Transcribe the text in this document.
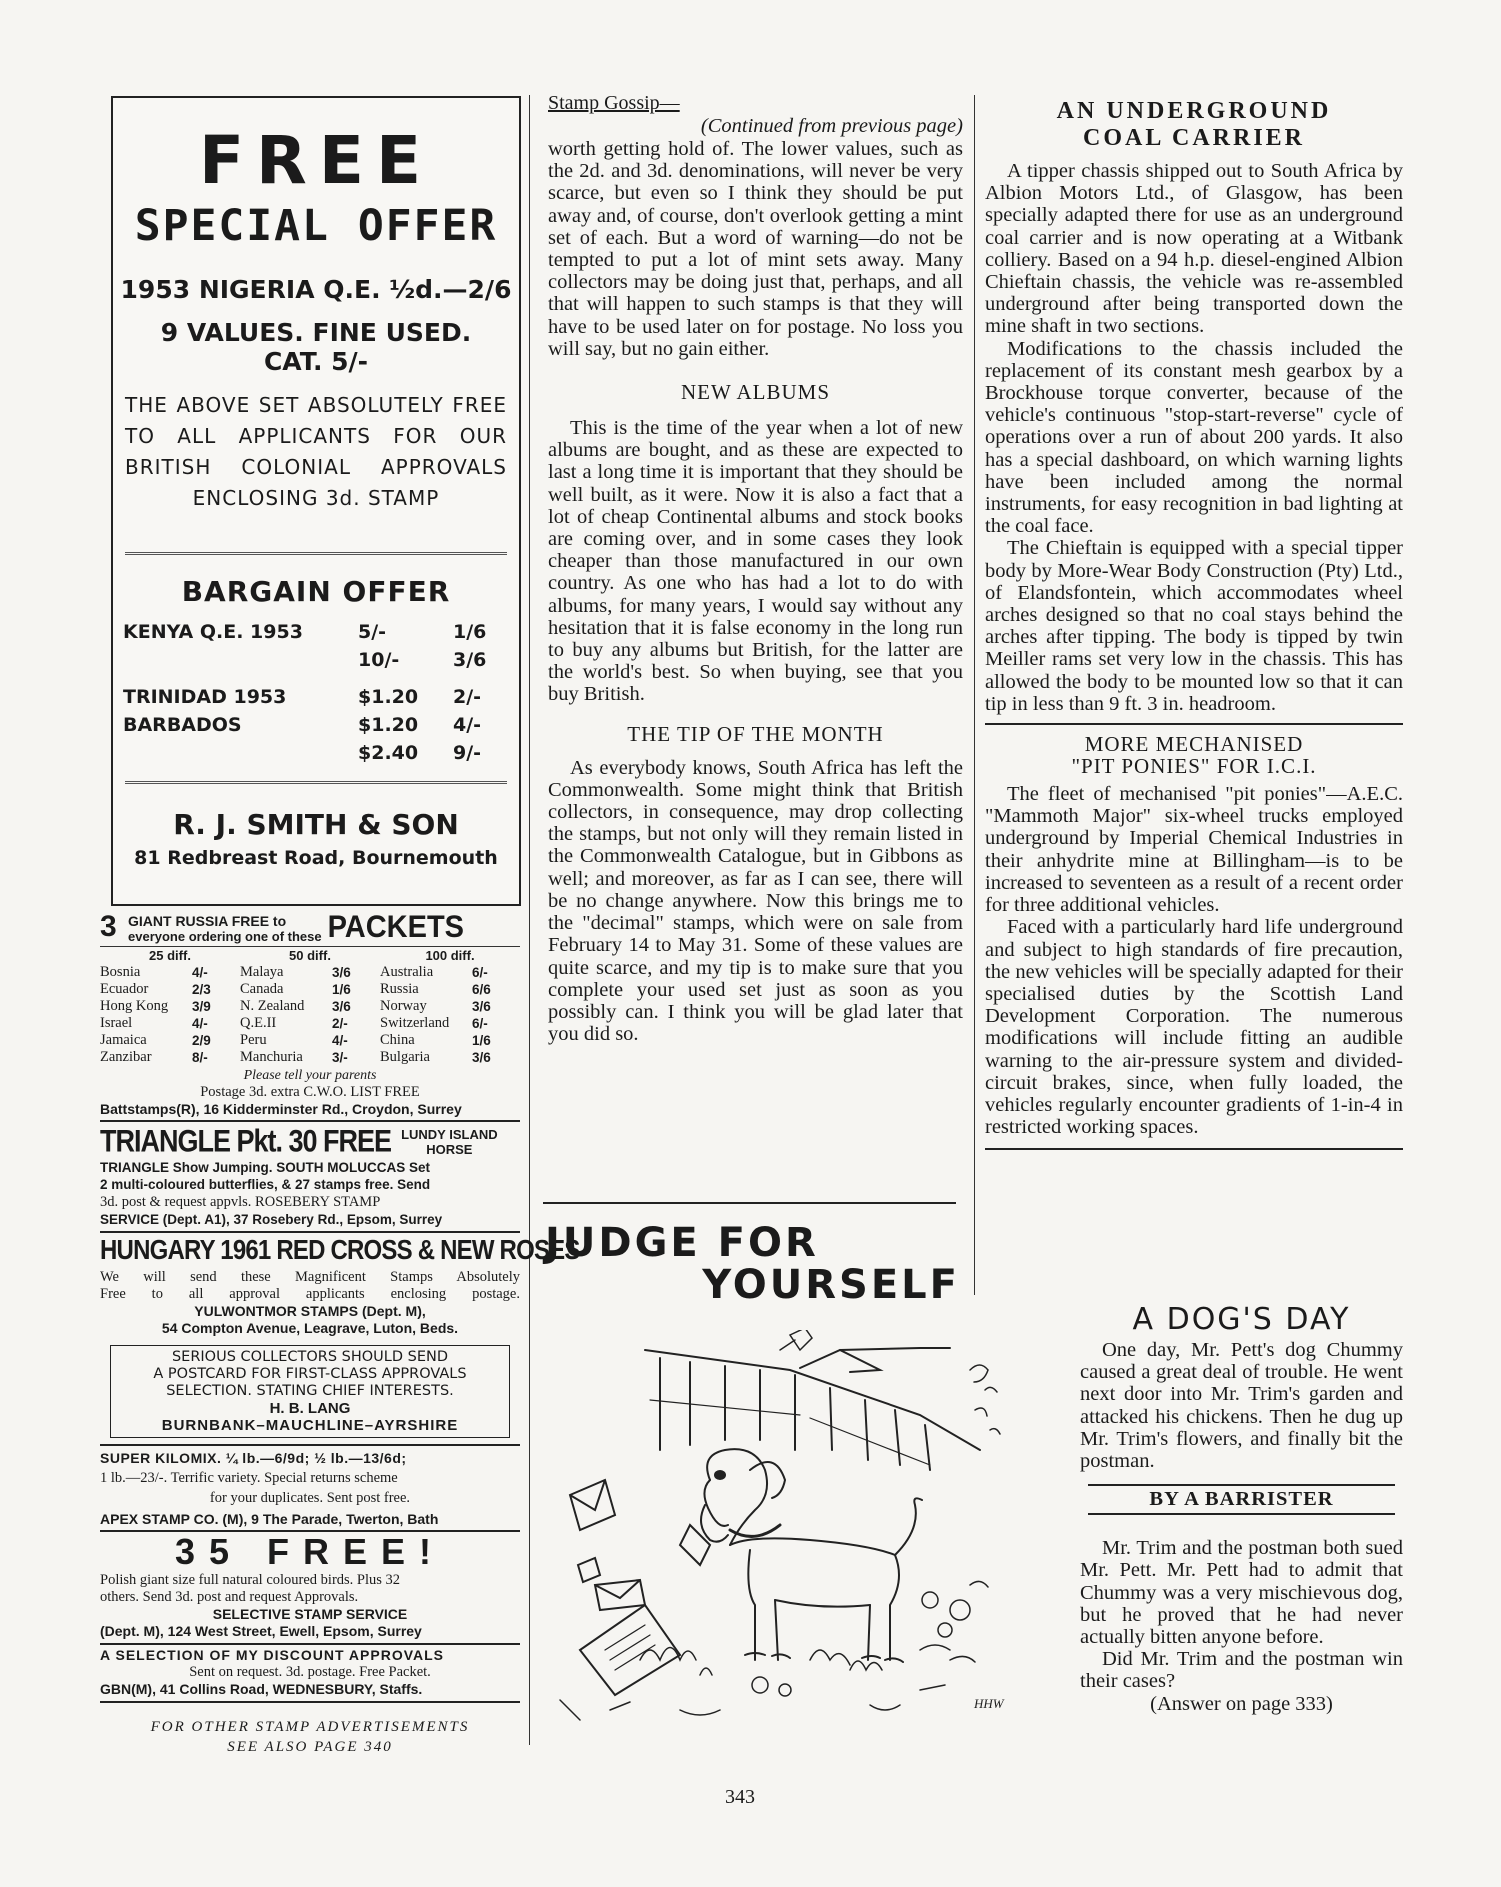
FREE
SPECIAL OFFER
1953 NIGERIA Q.E. ½d.—2/6
9 VALUES. FINE USED.
CAT. 5/-
THE ABOVE SET ABSOLUTELY FREE
TO ALL APPLICANTS FOR OUR
BRITISH COLONIAL APPROVALS
ENCLOSING 3d. STAMP
BARGAIN OFFER
KENYA Q.E. 1953	5/-	1/6
	10/-	3/6
TRINIDAD 1953	$1.20	2/-
BARBADOS	$1.20	4/-
	$2.40	9/-
R. J. SMITH & SON
81 Redbreast Road, Bournemouth
3 GIANT RUSSIA FREE to
everyone ordering one of these PACKETS
25 diff.		50 diff.		100 diff.	
Bosnia	4/-	Malaya	3/6	Australia	6/-
Ecuador	2/3	Canada	1/6	Russia	6/6
Hong Kong	3/9	N. Zealand	3/6	Norway	3/6
Israel	4/-	Q.E.II	2/-	Switzerland	6/-
Jamaica	2/9	Peru	4/-	China	1/6
Zanzibar	8/-	Manchuria	3/-	Bulgaria	3/6
Please tell your parents
Postage 3d. extra C.W.O. LIST FREE
Battstamps(R), 16 Kidderminster Rd., Croydon, Surrey
TRIANGLE Pkt. 30 FREE LUNDY ISLAND
HORSE
TRIANGLE Show Jumping. SOUTH MOLUCCAS Set
2 multi-coloured butterflies, & 27 stamps free. Send
3d. post & request appvls. ROSEBERY STAMP
SERVICE (Dept. A1), 37 Rosebery Rd., Epsom, Surrey
HUNGARY 1961 RED CROSS & NEW ROSES
We will send these Magnificent Stamps Absolutely
Free to all approval applicants enclosing postage.
YULWONTMOR STAMPS (Dept. M),
54 Compton Avenue, Leagrave, Luton, Beds.
SERIOUS COLLECTORS SHOULD SEND
A POSTCARD FOR FIRST-CLASS APPROVALS
SELECTION. STATING CHIEF INTERESTS.
H. B. LANG
BURNBANK–MAUCHLINE–AYRSHIRE
SUPER KILOMIX. ¼ lb.—6/9d; ½ lb.—13/6d;
1 lb.—23/-. Terrific variety. Special returns scheme
for your duplicates. Sent post free.
APEX STAMP CO. (M), 9 The Parade, Twerton, Bath
35 FREE!
Polish giant size full natural coloured birds. Plus 32
others. Send 3d. post and request Approvals.
SELECTIVE STAMP SERVICE
(Dept. M), 124 West Street, Ewell, Epsom, Surrey
A SELECTION OF MY DISCOUNT APPROVALS
Sent on request. 3d. postage. Free Packet.
GBN(M), 41 Collins Road, WEDNESBURY, Staffs.
FOR OTHER STAMP ADVERTISEMENTS
SEE ALSO PAGE 340
Stamp Gossip—
(Continued from previous page)

worth getting hold of. The lower values, such as the 2d. and 3d. denominations, will never be very scarce, but even so I think they should be put away and, of course, don't overlook getting a mint set of each. But a word of warning—do not be tempted to put a lot of mint sets away. Many collectors may be doing just that, perhaps, and all that will happen to such stamps is that they will have to be used later on for postage. No loss you will say, but no gain either.

NEW ALBUMS

This is the time of the year when a lot of new albums are bought, and as these are expected to last a long time it is important that they should be well built, as it were. Now it is also a fact that a lot of cheap Continental albums and stock books are coming over, and in some cases they look cheaper than those manufactured in our own country. As one who has had a lot to do with albums, for many years, I would say without any hesitation that it is false economy in the long run to buy any albums but British, for the latter are the world's best. So when buying, see that you buy British.

THE TIP OF THE MONTH

As everybody knows, South Africa has left the Commonwealth. Some might think that British collectors, in consequence, may drop collecting the stamps, but not only will they remain listed in the Commonwealth Catalogue, but in Gibbons as well; and moreover, as far as I can see, there will be no change anywhere. Now this brings me to the "decimal" stamps, which were on sale from February 14 to May 31. Some of these values are quite scarce, and my tip is to make sure that you complete your used set just as soon as you possibly can. I think you will be glad later that you did so.

JUDGE FOR
YOURSELF
HHW
AN UNDERGROUND
COAL CARRIER

A tipper chassis shipped out to South Africa by Albion Motors Ltd., of Glasgow, has been specially adapted there for use as an underground coal carrier and is now operating at a Witbank colliery. Based on a 94 h.p. diesel-engined Albion Chieftain chassis, the vehicle was re-assembled underground after being transported down the mine shaft in two sections.

Modifications to the chassis included the replacement of its constant mesh gearbox by a Brockhouse torque converter, because of the vehicle's continuous "stop-start-reverse" cycle of operations over a run of about 200 yards. It also has a special dashboard, on which warning lights have been included among the normal instruments, for easy recognition in bad lighting at the coal face.

The Chieftain is equipped with a special tipper body by More-Wear Body Construction (Pty) Ltd., of Elandsfontein, which accommodates wheel arches designed so that no coal stays behind the arches after tipping. The body is tipped by twin Meiller rams set very low in the chassis. This has allowed the body to be mounted low so that it can tip in less than 9 ft. 3 in. headroom.

MORE MECHANISED
"PIT PONIES" FOR I.C.I.

The fleet of mechanised "pit ponies"—A.E.C. "Mammoth Major" six-wheel trucks employed underground by Imperial Chemical Industries in their anhydrite mine at Billingham—is to be increased to seventeen as a result of a recent order for three additional vehicles.

Faced with a particularly hard life underground and subject to high standards of fire precaution, the new vehicles will be specially adapted for their specialised duties by the Scottish Land Development Corporation. The numerous modifications will include fitting an audible warning to the air-pressure system and divided-circuit brakes, since, when fully loaded, the vehicles regularly encounter gradients of 1-in-4 in restricted working spaces.

A DOG'S DAY

One day, Mr. Pett's dog Chummy caused a great deal of trouble. He went next door into Mr. Trim's garden and attacked his chickens. Then he dug up Mr. Trim's flowers, and finally bit the postman.

BY A BARRISTER

Mr. Trim and the postman both sued Mr. Pett. Mr. Pett had to admit that Chummy was a very mischievous dog, but he proved that he had never actually bitten anyone before.

Did Mr. Trim and the postman win their cases?

(Answer on page 333)
343
